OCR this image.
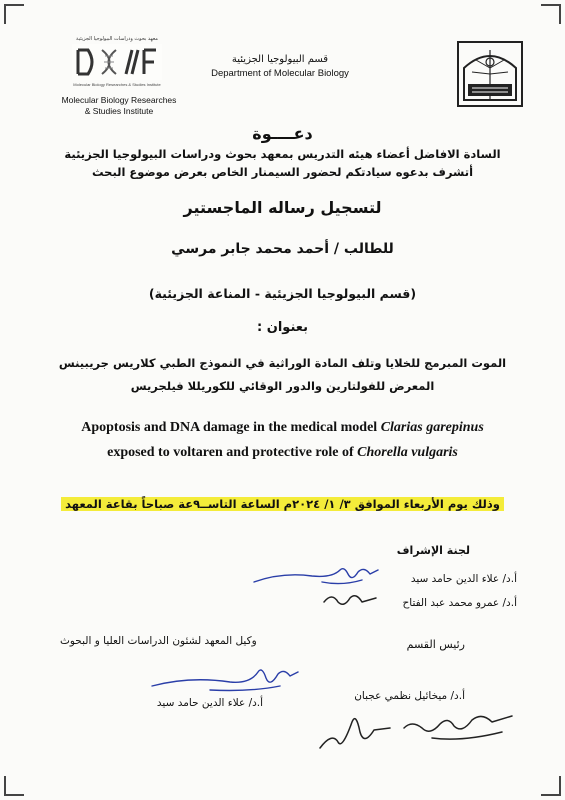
معهد بحوث ودراسات البيولوجيا الجزيئية
Molecular Biology Researches & Studies Institute
Molecular Biology Researches
& Studies Institute
قسم البيولوجيا الجزيئية
Department of Molecular Biology
دعــــوة
السادة الافاضل أعضاء هيئه التدريس بمعهد بحوث ودراسات البيولوجيا الجزيئية
أتشرف بدعوه سيادتكم لحضور السيمنار الخاص بعرض موضوع البحث
لتسجيل رساله الماجستير
للطالب / أحمد محمد جابر مرسي
(قسم البيولوجيا الجزيئية - المناعة الجزيئية)
بعنوان :
الموت المبرمج للخلايا وتلف المادة الوراثية في النموذج الطبي كلاريس جريبينس
المعرض للفولتارين والدور الوقائي للكوريللا فيلجريس
Apoptosis and DNA damage in the medical model Clarias garepinus
exposed to voltaren and protective role of Chorella vulgaris
وذلك يوم الأربعاء الموافق ٣/ ١/ ٢٠٢٤م الساعة التاســ٩عة صباحاً بقاعة المعهد
لجنة الإشراف
أ.د/ علاء الدين حامد سيد
أ.د/ عمرو محمد عبد الفتاح
رئيس القسم
وكيل المعهد لشئون الدراسات العليا و البحوث
أ.د/ علاء الدين حامد سيد
أ.د/ ميخائيل نظمي عجبان
